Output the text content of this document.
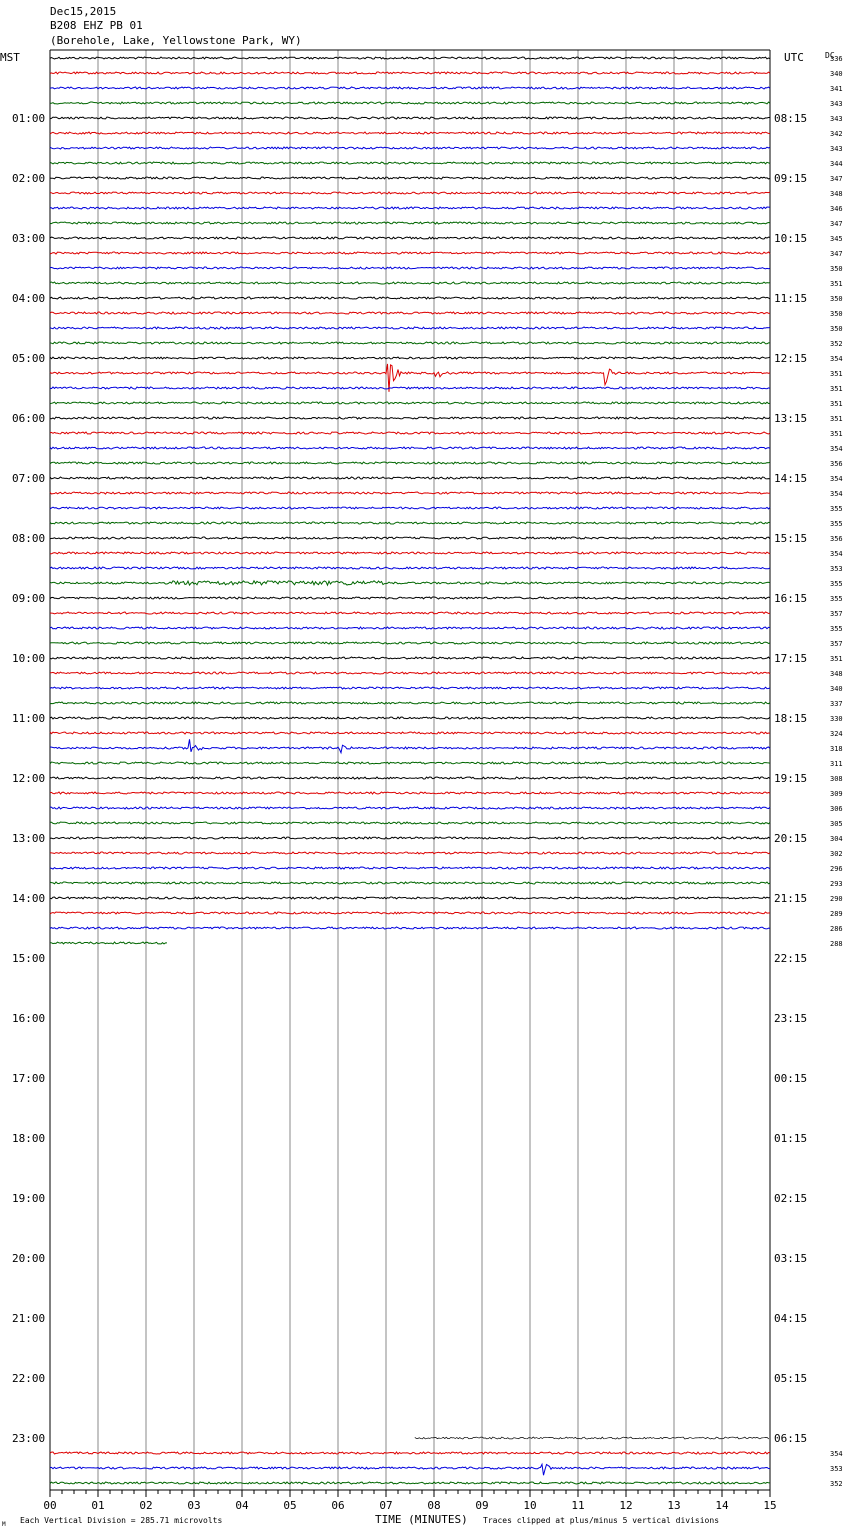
Dec15,2015
B208 EHZ PB 01
(Borehole, Lake, Yellowstone Park, WY)
00	01	02	03	04	05	06	07	08	09	10	11	12	13	14	15
336
340
341
343
343
342
343
344
347
348
346
347
345
347
350
351
350
350
350
352
354
351
351
351
351
351
354
356
354
354
355
355
356
354
353
355
355
357
355
357
351
348
340
337
330
324
318
311
308
309
306
305
304
302
296
293
290
289
286
288
354
353
352
01:00	08:15
02:00	09:15
03:00	10:15
04:00	11:15
05:00	12:15
06:00	13:15
07:00	14:15
08:00	15:15
09:00	16:15
10:00	17:15
11:00	18:15
12:00	19:15
13:00	20:15
14:00	21:15
15:00	22:15
16:00	23:15
17:00	00:15
18:00	01:15
19:00	02:15
20:00	03:15
21:00	04:15
22:00	05:15
23:00	06:15
MST	UTC	DC
TIME (MINUTES)
Each Vertical Division = 285.71 microvolts	Traces clipped at plus/minus 5 vertical divisions
M
